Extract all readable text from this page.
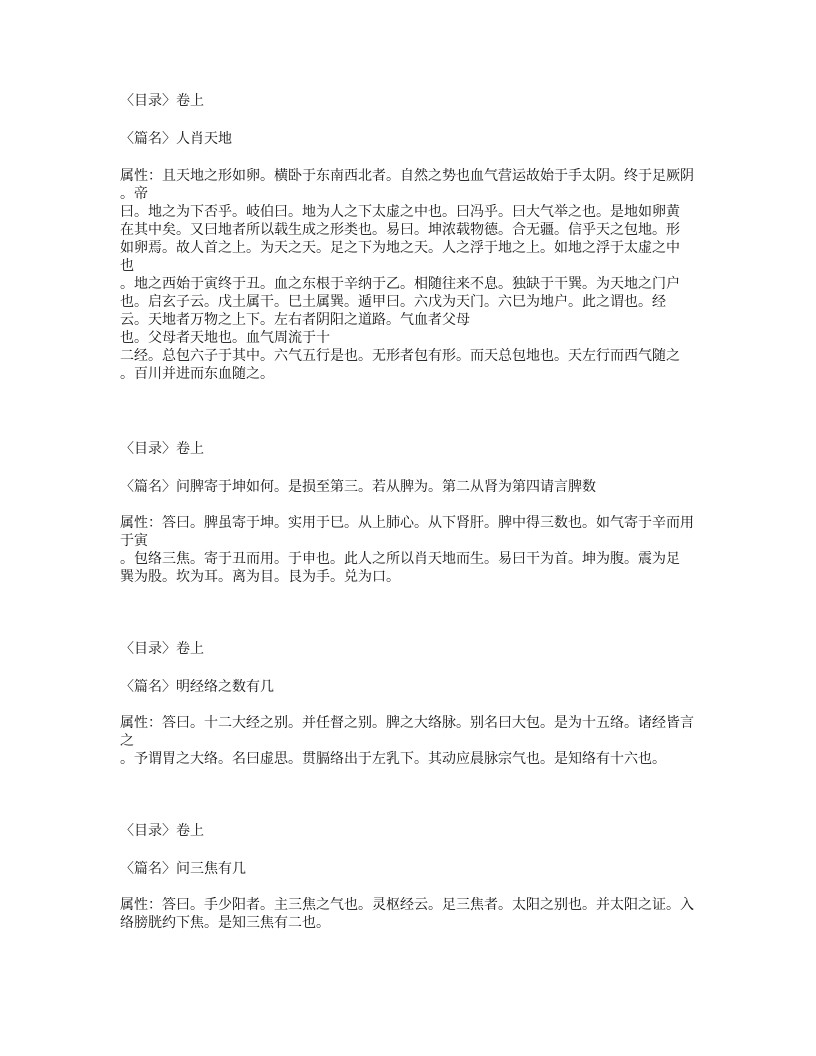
〈目录〉卷上
〈篇名〉人肖天地
属性：且天地之形如卵。横卧于东南西北者。自然之势也血气营运故始于手太阴。终于足厥阴
。帝
曰。地之为下否乎。岐伯曰。地为人之下太虚之中也。曰冯乎。曰大气举之也。是地如卵黄
在其中矣。又曰地者所以载生成之形类也。易曰。坤浓载物德。合无疆。信乎天之包地。形
如卵焉。故人首之上。为天之天。足之下为地之天。人之浮于地之上。如地之浮于太虚之中
也
。地之西始于寅终于丑。血之东根于辛纳于乙。相随往来不息。独缺于干巽。为天地之门户
也。启玄子云。戊土属干。巳土属巽。遁甲曰。六戊为天门。六巳为地户。此之谓也。经
云。天地者万物之上下。左右者阴阳之道路。气血者父母
也。父母者天地也。血气周流于十
二经。总包六子于其中。六气五行是也。无形者包有形。而天总包地也。天左行而西气随之
。百川并进而东血随之。
〈目录〉卷上
〈篇名〉问脾寄于坤如何。是损至第三。若从脾为。第二从肾为第四请言脾数
属性：答曰。脾虽寄于坤。实用于巳。从上肺心。从下肾肝。脾中得三数也。如气寄于辛而用
于寅
。包络三焦。寄于丑而用。于申也。此人之所以肖天地而生。易曰干为首。坤为腹。震为足
巽为股。坎为耳。离为目。艮为手。兑为口。
〈目录〉卷上
〈篇名〉明经络之数有几
属性：答曰。十二大经之别。并任督之别。脾之大络脉。别名曰大包。是为十五络。诸经皆言
之
。予谓胃之大络。名曰虚思。贯膈络出于左乳下。其动应晨脉宗气也。是知络有十六也。
〈目录〉卷上
〈篇名〉问三焦有几
属性：答曰。手少阳者。主三焦之气也。灵枢经云。足三焦者。太阳之别也。并太阳之证。入
络膀胱约下焦。是知三焦有二也。
